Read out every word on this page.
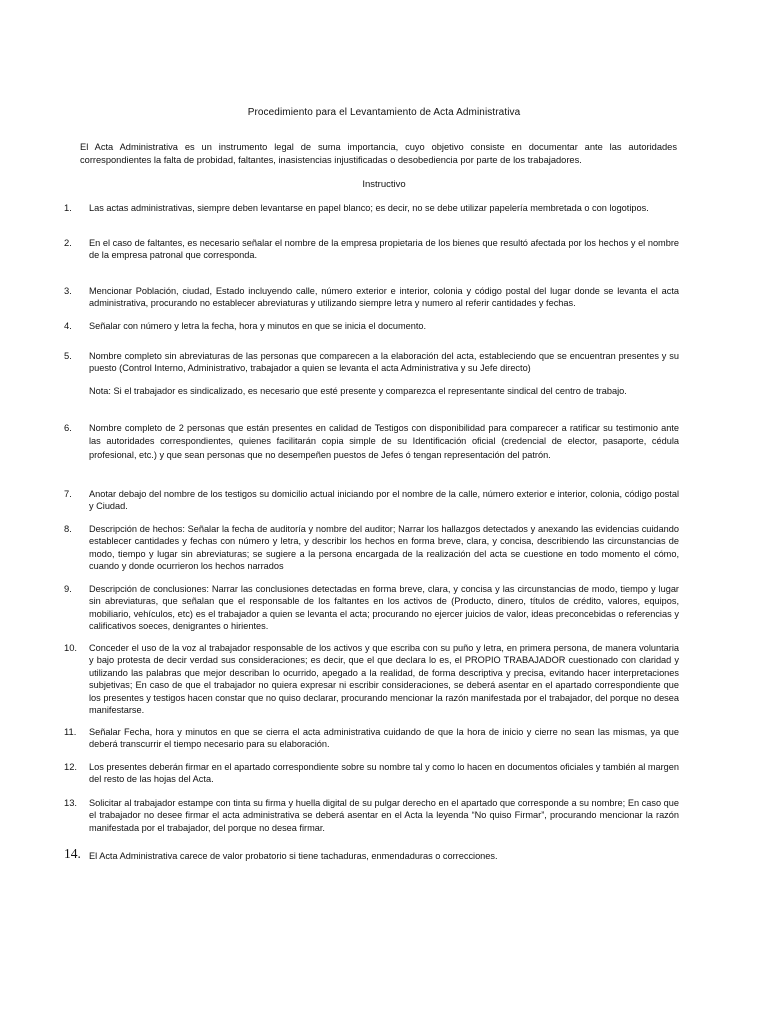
Procedimiento para el Levantamiento de Acta Administrativa
El Acta Administrativa es un instrumento legal de suma importancia, cuyo objetivo consiste en documentar ante las autoridades correspondientes la falta de probidad, faltantes, inasistencias injustificadas o desobediencia por parte de los trabajadores.
Instructivo
1.	Las actas administrativas, siempre deben levantarse en papel blanco; es decir, no se debe utilizar papelería membretada o con logotipos.
2.	En el caso de faltantes, es necesario señalar el nombre de la empresa propietaria de los bienes que resultó afectada por los hechos y el nombre de la empresa patronal que corresponda.
3.	Mencionar Población, ciudad, Estado incluyendo calle, número exterior e interior, colonia y código postal del lugar donde se levanta el acta administrativa, procurando no establecer abreviaturas y utilizando siempre letra y numero al referir cantidades y fechas.
4.	Señalar con número y letra la fecha, hora y minutos en que se inicia el documento.
5.	Nombre completo sin abreviaturas de las personas que comparecen a la elaboración del acta, estableciendo que se encuentran presentes y su puesto (Control Interno, Administrativo, trabajador a quien se levanta el acta Administrativa y su Jefe directo)
Nota: Si el trabajador es sindicalizado, es necesario que esté presente y comparezca el representante sindical del centro de trabajo.
6.	Nombre completo de 2 personas que están presentes en calidad de Testigos con disponibilidad para comparecer a ratificar su testimonio ante las autoridades correspondientes, quienes facilitarán copia simple de su Identificación oficial (credencial de elector, pasaporte, cédula profesional, etc.) y que sean personas que no desempeñen puestos de Jefes ó tengan representación del patrón.
7.	Anotar debajo del nombre de los testigos su domicilio actual iniciando por el nombre de la calle, número exterior e interior, colonia, código postal y Ciudad.
8.	Descripción de hechos: Señalar la fecha de auditoría y nombre del auditor; Narrar los hallazgos detectados y anexando las evidencias cuidando establecer cantidades y fechas con número y letra, y describir los hechos en forma breve, clara, y concisa, describiendo las circunstancias de modo, tiempo y lugar sin abreviaturas; se sugiere a la persona encargada de la realización del acta se cuestione en todo momento el cómo, cuando y donde ocurrieron los hechos narrados
9.	Descripción de conclusiones: Narrar las conclusiones detectadas en forma breve, clara, y concisa y las circunstancias de modo, tiempo y lugar sin abreviaturas, que señalan que el responsable de los faltantes en los activos de (Producto, dinero, títulos de crédito, valores, equipos, mobiliario, vehículos, etc) es el trabajador a quien se levanta el acta; procurando no ejercer juicios de valor, ideas preconcebidas o referencias y calificativos soeces, denigrantes o hirientes.
10.	Conceder el uso de la voz al trabajador responsable de los activos y que escriba con su puño y letra, en primera persona, de manera voluntaria y bajo protesta de decir verdad sus consideraciones; es decir, que el que declara lo es, el PROPIO TRABAJADOR cuestionado con claridad y utilizando las palabras que mejor describan lo ocurrido, apegado a la realidad, de forma descriptiva y precisa, evitando hacer interpretaciones subjetivas; En caso de que el trabajador no quiera expresar ni escribir consideraciones, se deberá asentar en el apartado correspondiente que los presentes y testigos hacen constar que no quiso declarar, procurando mencionar la razón manifestada por el trabajador, del porque no desea manifestarse.
11.	Señalar Fecha, hora y minutos en que se cierra el acta administrativa cuidando de que la hora de inicio y cierre no sean las mismas, ya que deberá transcurrir el tiempo necesario para su elaboración.
12.	Los presentes deberán firmar en el apartado correspondiente sobre su nombre tal y como lo hacen en documentos oficiales y también al margen del resto de las hojas del Acta.
13.	Solicitar al trabajador estampe con tinta su firma y huella digital de su pulgar derecho en el apartado que corresponde a su nombre; En caso que el trabajador no desee firmar el acta administrativa se deberá asentar en el Acta la leyenda “No quiso Firmar”, procurando mencionar la razón manifestada por el trabajador, del porque no desea firmar.
14. El Acta Administrativa carece de valor probatorio si tiene tachaduras, enmendaduras o correcciones.
